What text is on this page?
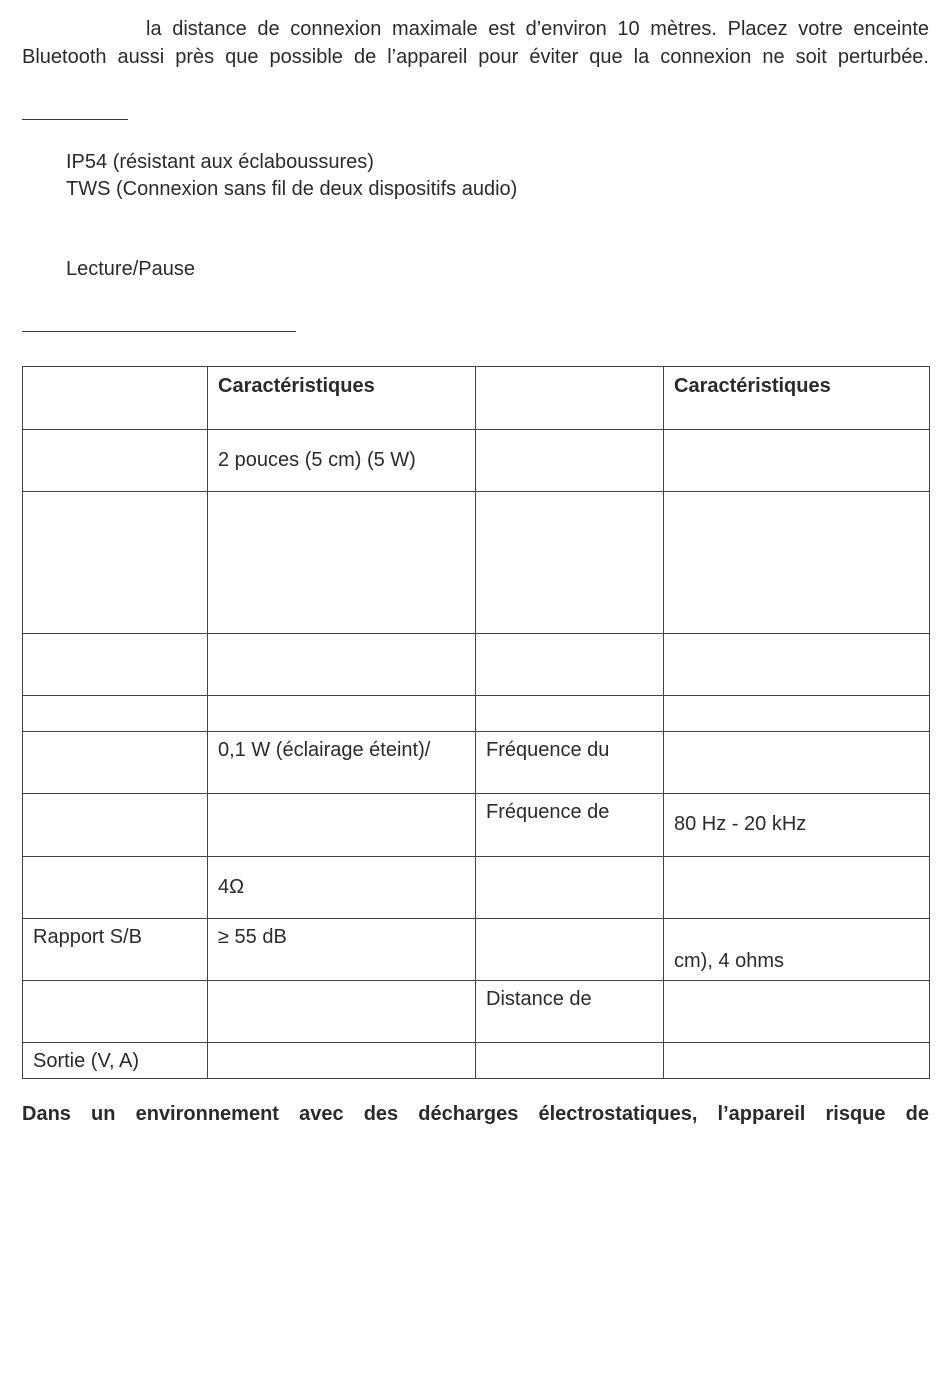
la distance de connexion maximale est d’environ 10 mètres. Placez votre enceinte
Bluetooth aussi près que possible de l’appareil pour éviter que la connexion ne soit perturbée.
IP54 (résistant aux éclaboussures)
TWS (Connexion sans fil de deux dispositifs audio)
Lecture/Pause

	Caractéristiques		Caractéristiques

	2 pouces (5 cm) (5 W)		

	0,1 W (éclairage éteint)/	Fréquence du	

		Fréquence de	80 Hz - 20 kHz

	4Ω		

Rapport S/B	≥ 55 dB		cm), 4 ohms

		Distance de	

Sortie (V, A)			

Dans un environnement avec des décharges électrostatiques, l’appareil risque de
